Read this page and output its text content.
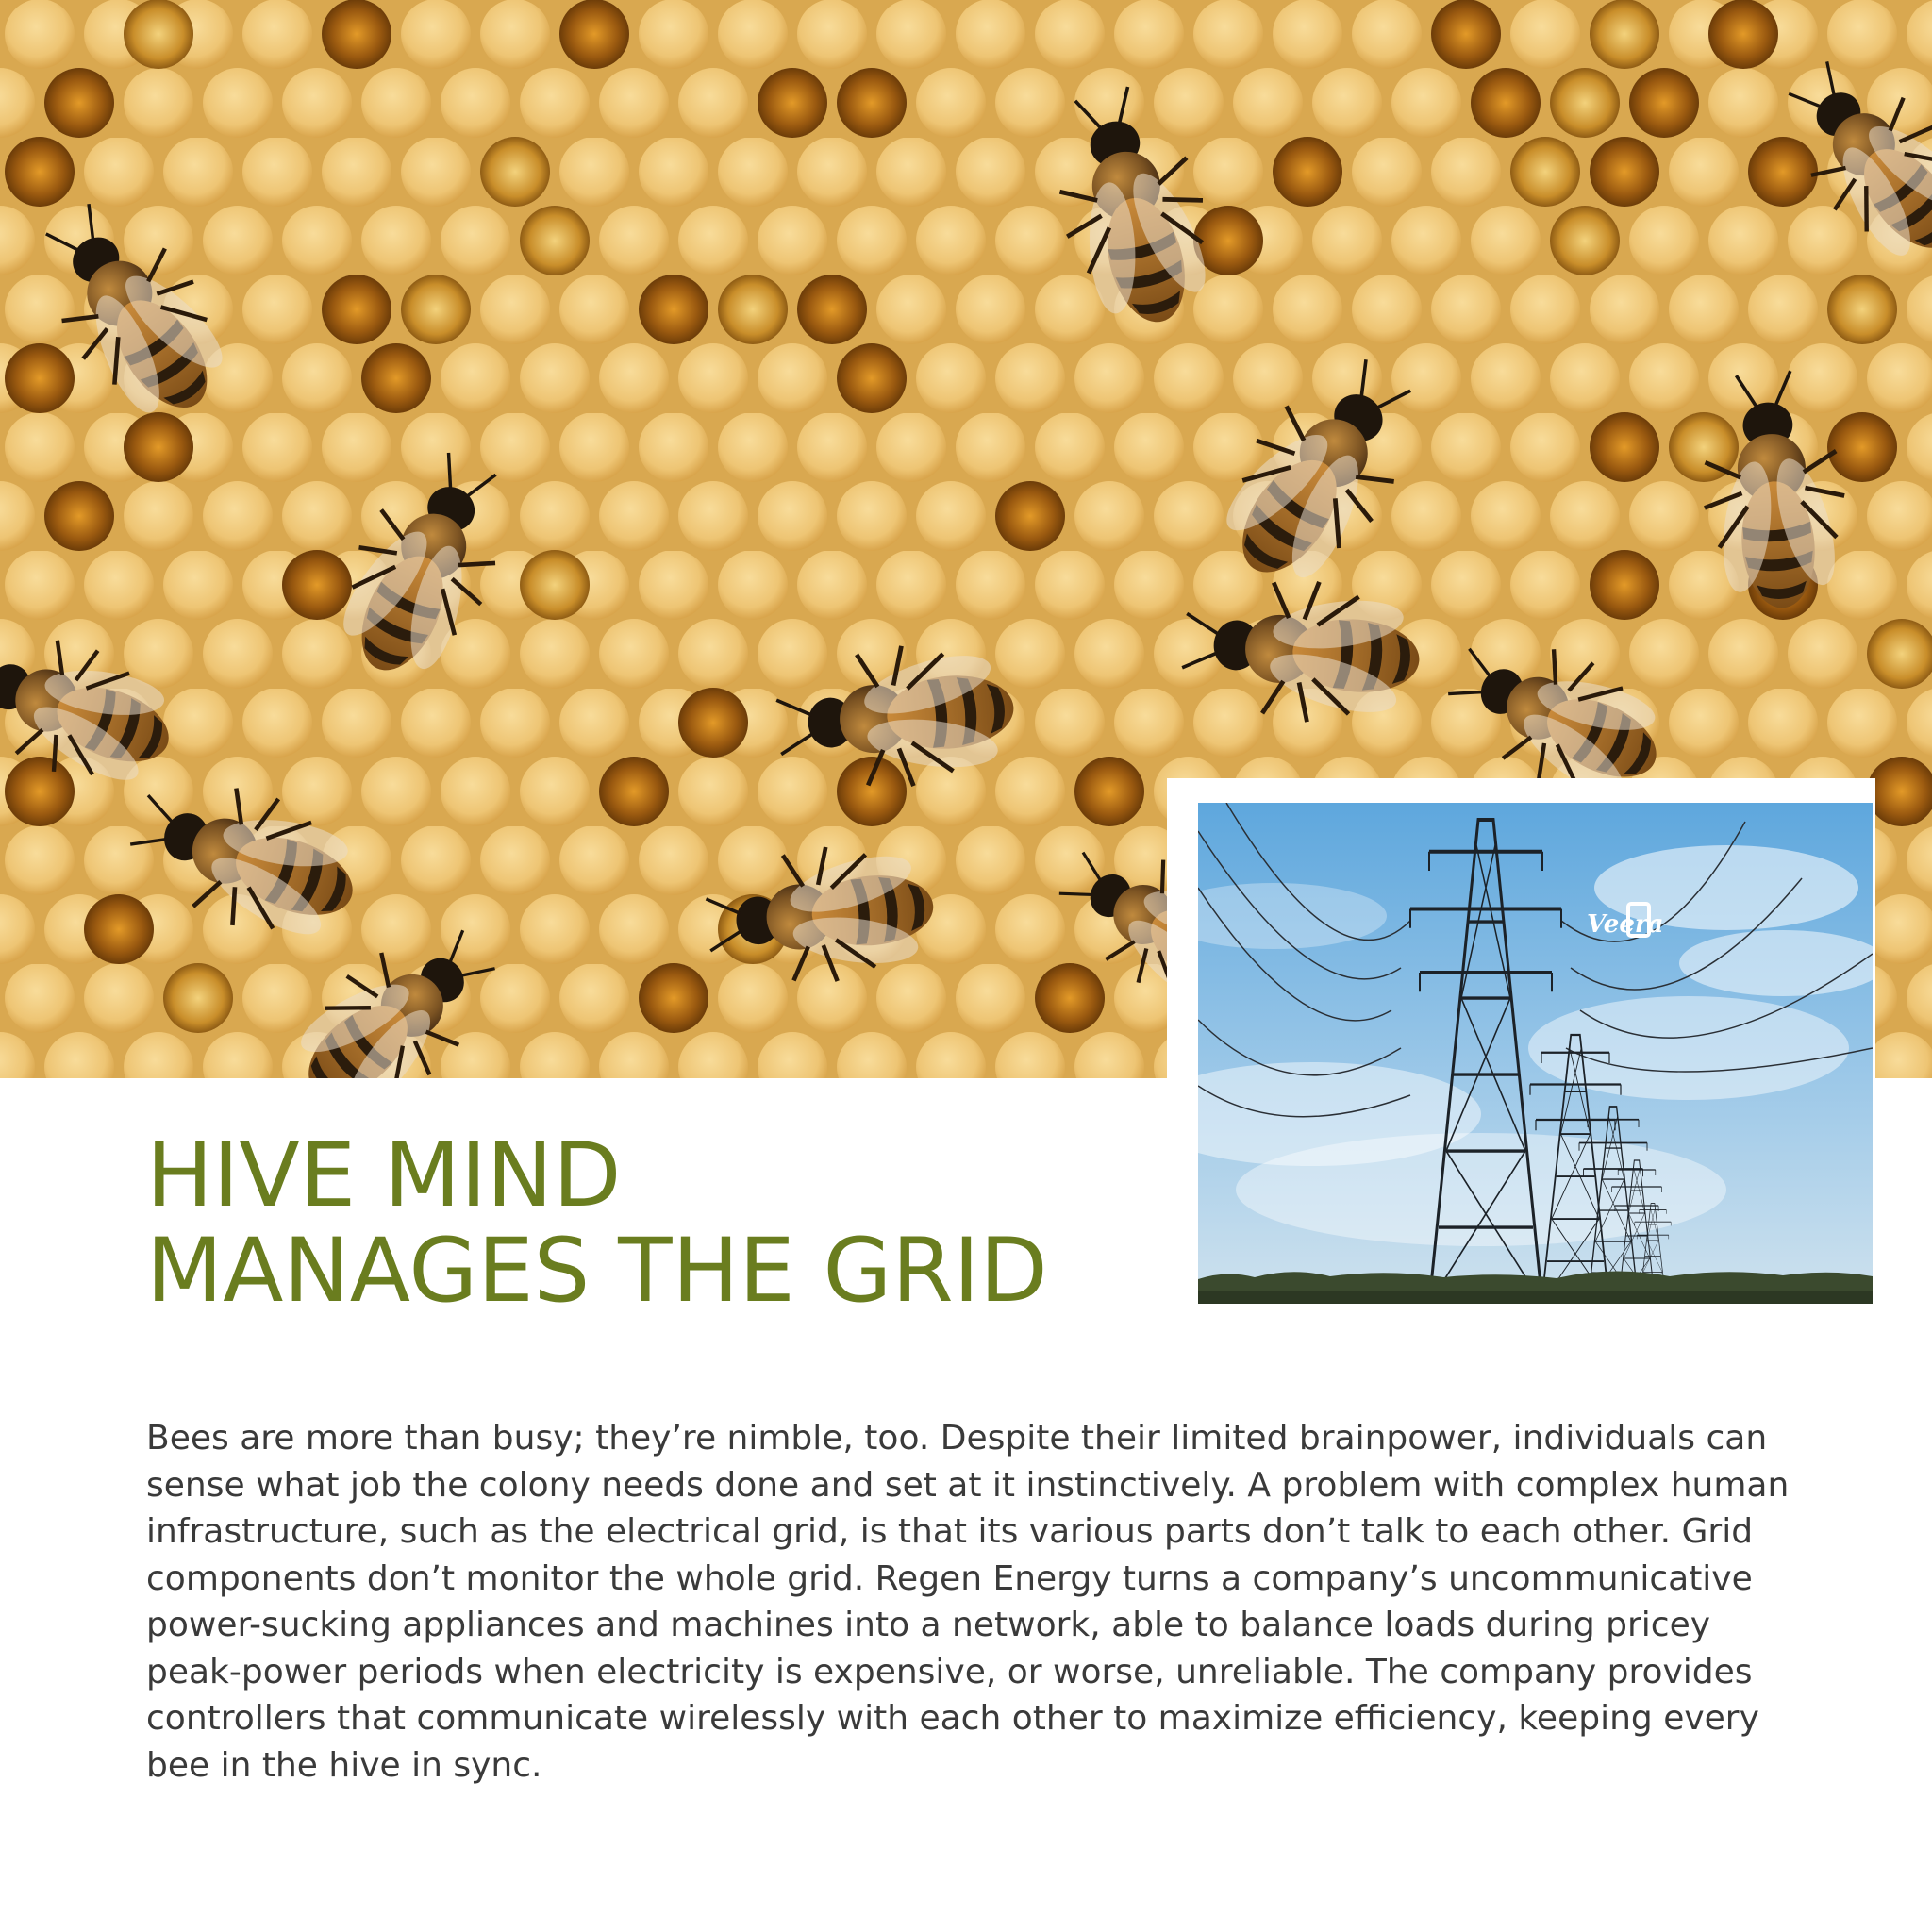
Veera
HIVE MIND
MANAGES THE GRID

Bees are more than busy; they’re nimble, too. Despite their limited brainpower, individuals can sense what job the colony needs done and set at it instinctively. A problem with complex human infrastructure, such as the electrical grid, is that its various parts don’t talk to each other. Grid components don’t monitor the whole grid. Regen Energy turns a company’s uncommunicative power-sucking appliances and machines into a network, able to balance loads during pricey peak-power periods when electricity is expensive, or worse, unreliable. The company provides controllers that communicate wirelessly with each other to maximize efficiency, keeping every bee in the hive in sync.
